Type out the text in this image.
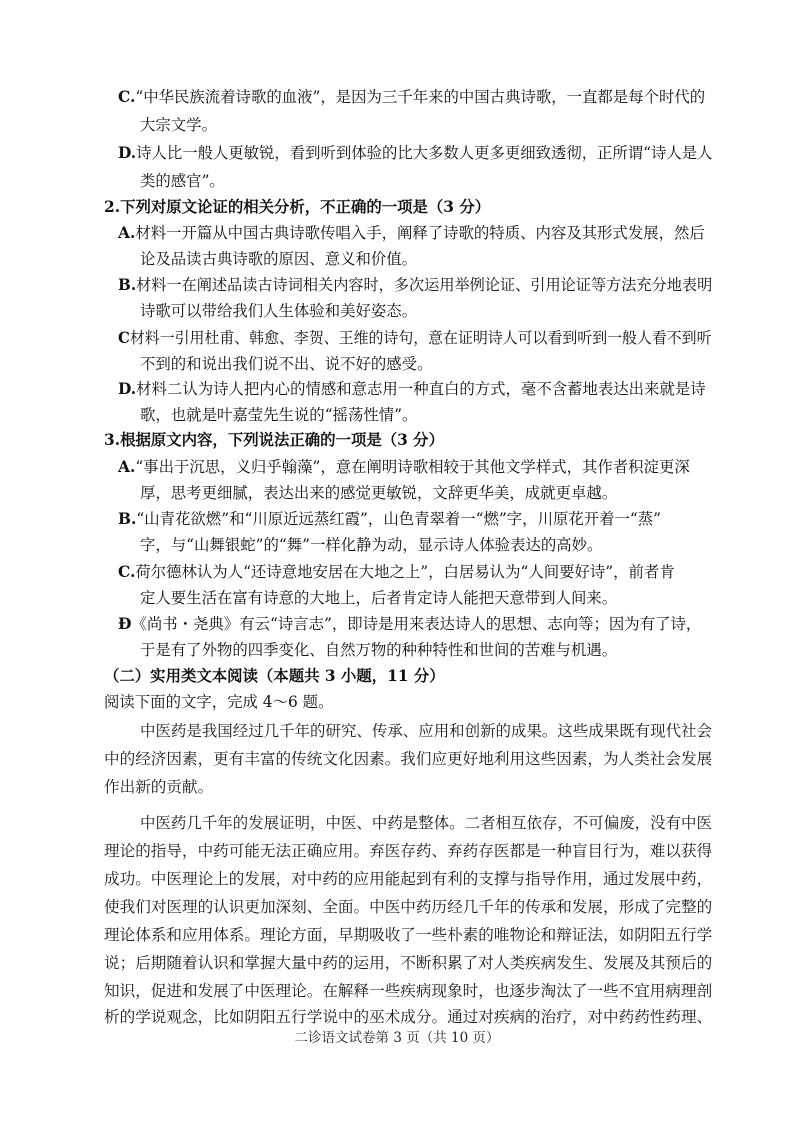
C.“中华民族流着诗歌的血液”，是因为三千年来的中国古典诗歌，一直都是每个时代的
大宗文学。
D.诗人比一般人更敏锐，看到听到体验的比大多数人更多更细致透彻，正所谓“诗人是人
类的感官”。
2.下列对原文论证的相关分析，不正确的一项是（3 分）
A.材料一开篇从中国古典诗歌传唱入手，阐释了诗歌的特质、内容及其形式发展，然后
论及品读古典诗歌的原因、意义和价值。
B.材料一在阐述品读古诗词相关内容时，多次运用举例论证、引用论证等方法充分地表明
诗歌可以带给我们人生体验和美好姿态。
C材料一引用杜甫、韩愈、李贺、王维的诗句，意在证明诗人可以看到听到一般人看不到听
不到的和说出我们说不出、说不好的感受。
D.材料二认为诗人把内心的情感和意志用一种直白的方式，毫不含蓄地表达出来就是诗
歌，也就是叶嘉莹先生说的“摇荡性情”。
3.根据原文内容，下列说法正确的一项是（3 分）
A.“事出于沉思，义归乎翰藻”，意在阐明诗歌相较于其他文学样式，其作者积淀更深
厚，思考更细腻，表达出来的感觉更敏锐，文辞更华美，成就更卓越。
B.“山青花欲燃”和“川原近远蒸红霞”，山色青翠着一“燃”字，川原花开着一“蒸”
字，与“山舞银蛇”的“舞”一样化静为动，显示诗人体验表达的高妙。
C.荷尔德林认为人“还诗意地安居在大地之上”，白居易认为“人间要好诗”，前者肯
定人要生活在富有诗意的大地上，后者肯定诗人能把天意带到人间来。
Ð《尚书・尧典》有云“诗言志”，即诗是用来表达诗人的思想、志向等；因为有了诗，
于是有了外物的四季变化、自然万物的种种特性和世间的苦难与机遇。
（二）实用类文本阅读（本题共 3 小题，11 分）
阅读下面的文字，完成 4～6 题。
中医药是我国经过几千年的研究、传承、应用和创新的成果。这些成果既有现代社会
中的经济因素，更有丰富的传统文化因素。我们应更好地利用这些因素，为人类社会发展
作出新的贡献。
中医药几千年的发展证明，中医、中药是整体。二者相互依存，不可偏废，没有中医
理论的指导，中药可能无法正确应用。弃医存药、弃药存医都是一种盲目行为，难以获得
成功。中医理论上的发展，对中药的应用能起到有利的支撑与指导作用，通过发展中药，
使我们对医理的认识更加深刻、全面。中医中药历经几千年的传承和发展，形成了完整的
理论体系和应用体系。理论方面，早期吸收了一些朴素的唯物论和辩证法，如阴阳五行学
说；后期随着认识和掌握大量中药的运用，不断积累了对人类疾病发生、发展及其预后的
知识，促进和发展了中医理论。在解释一些疾病现象时，也逐步淘汰了一些不宜用病理剖
析的学说观念，比如阴阳五行学说中的巫术成分。通过对疾病的治疗，对中药药性药理、
二诊语文试卷第 3 页（共 10 页）
